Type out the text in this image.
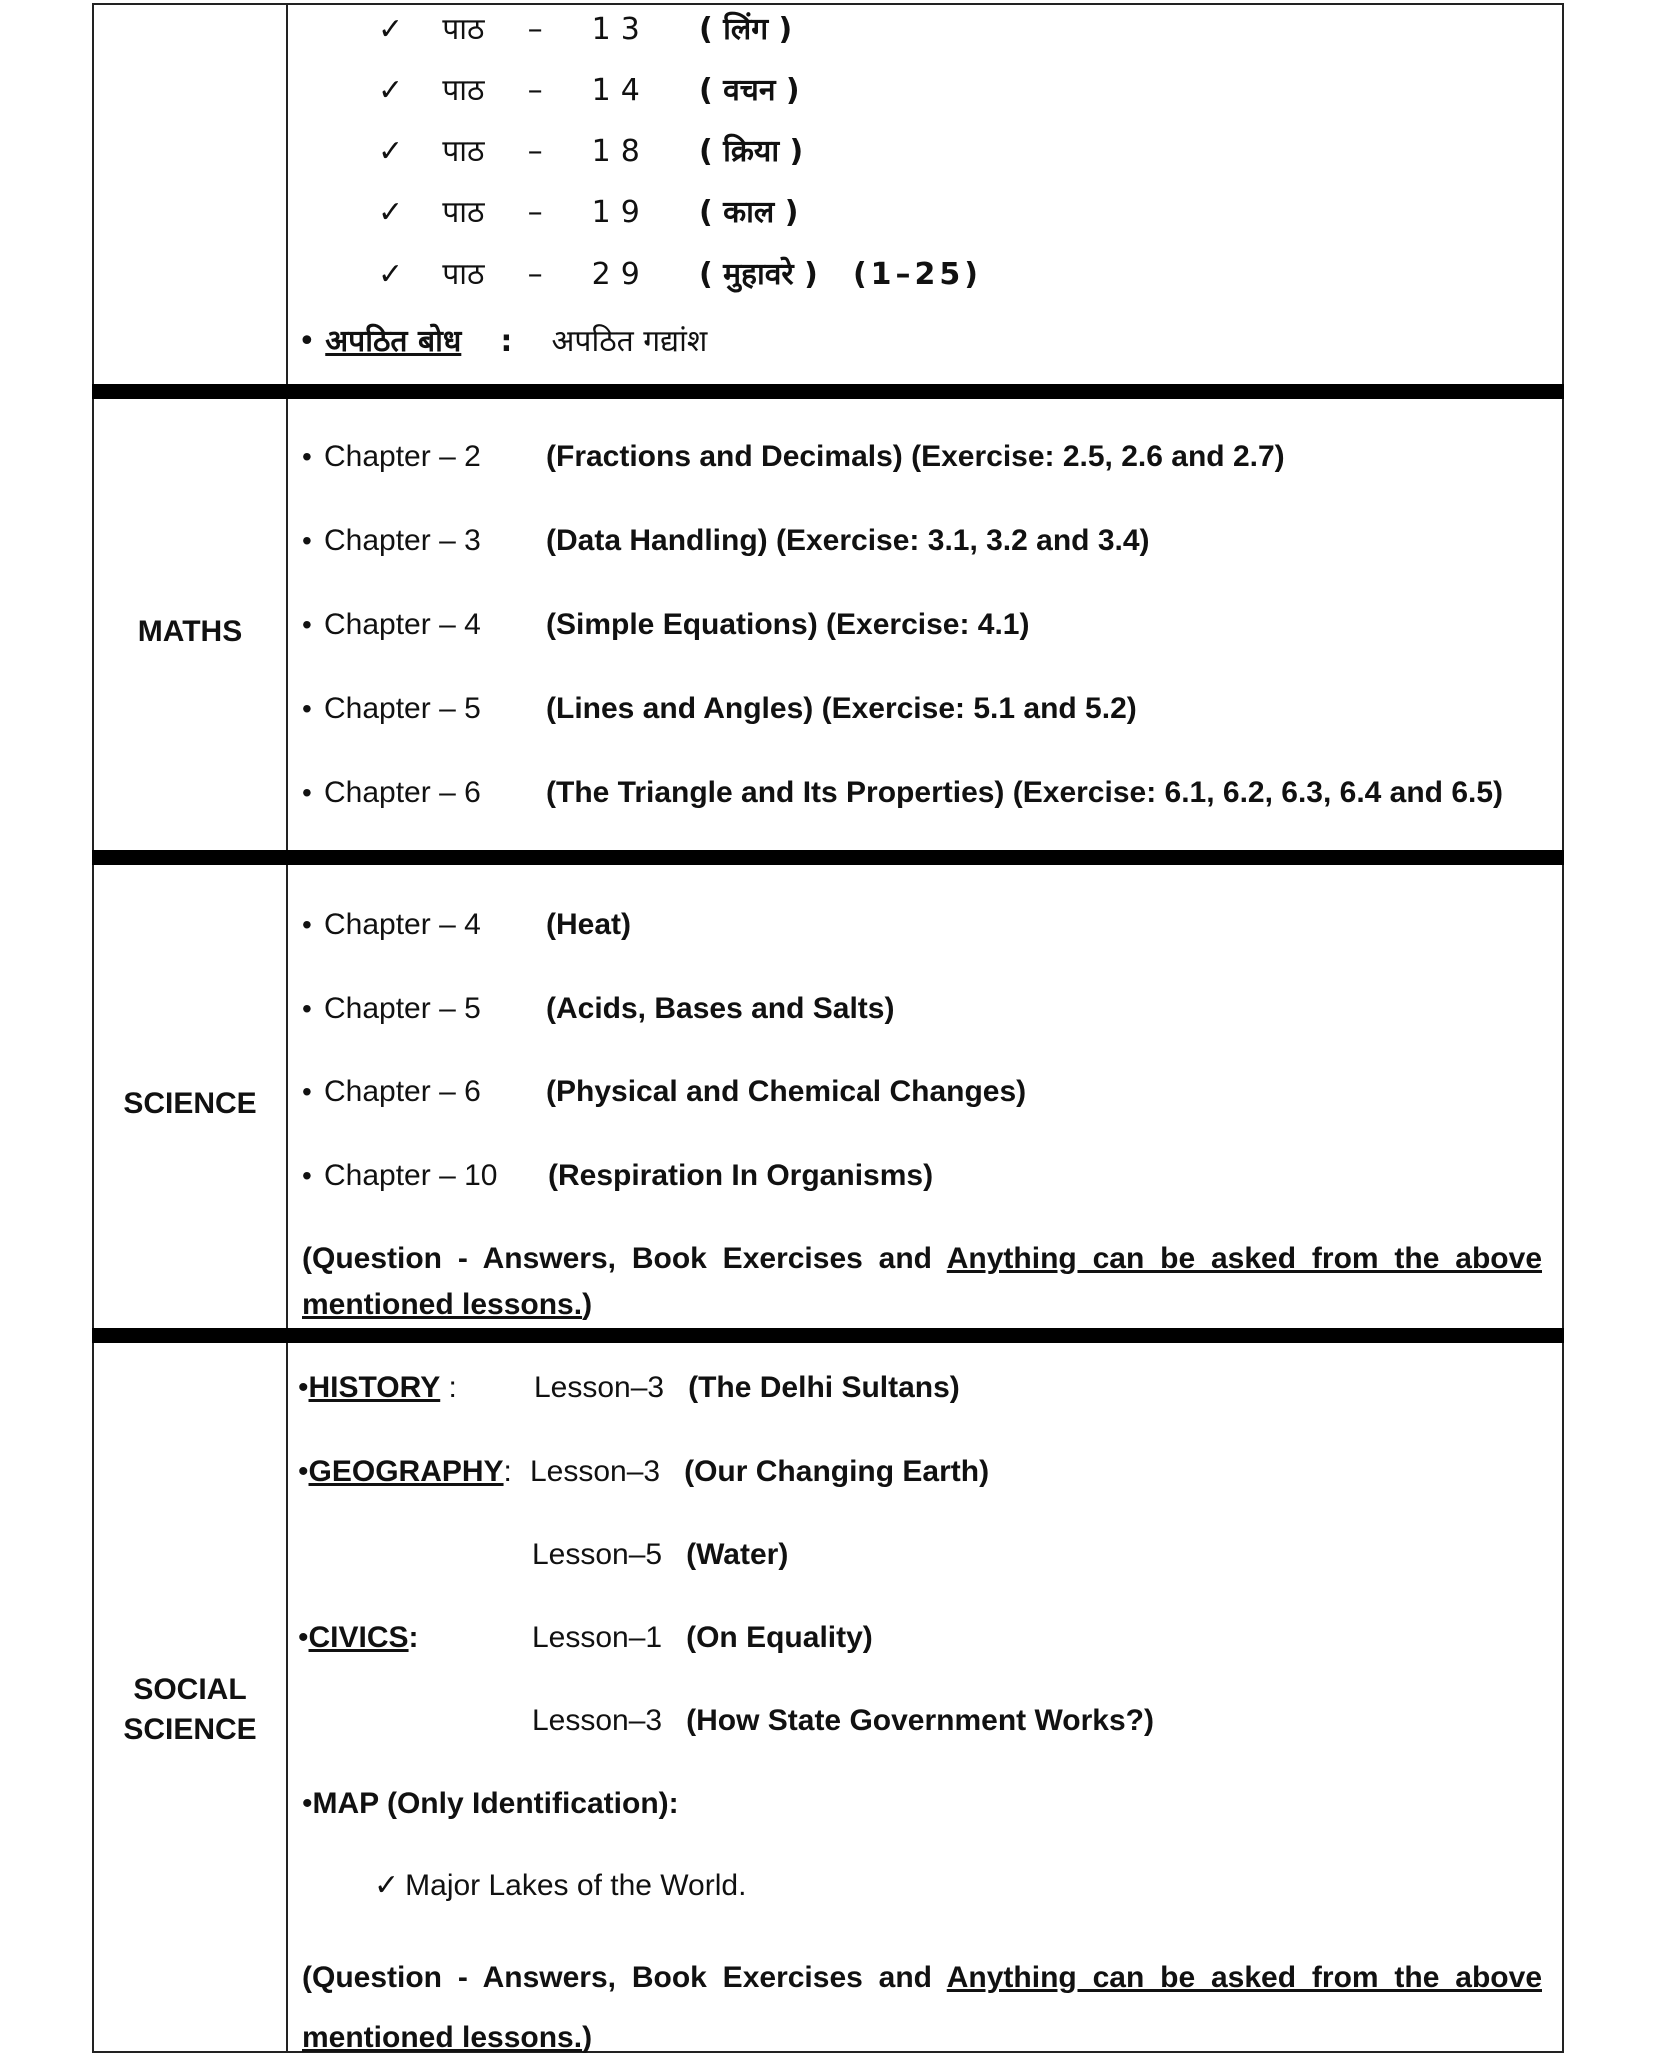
✓ पाठ – 13 ( लिंग )
✓ पाठ – 14 ( वचन )
✓ पाठ – 18 ( क्रिया )
✓ पाठ – 19 ( काल )
✓ पाठ – 29 ( मुहावरे ) (1–25)
• अपठित बोध : अपठित गद्यांश
MATHS
• Chapter – 2 (Fractions and Decimals) (Exercise: 2.5, 2.6 and 2.7)
• Chapter – 3 (Data Handling) (Exercise: 3.1, 3.2 and 3.4)
• Chapter – 4 (Simple Equations) (Exercise: 4.1)
• Chapter – 5 (Lines and Angles) (Exercise: 5.1 and 5.2)
• Chapter – 6 (The Triangle and Its Properties) (Exercise: 6.1, 6.2, 6.3, 6.4 and 6.5)
SCIENCE
• Chapter – 4 (Heat)
• Chapter – 5 (Acids, Bases and Salts)
• Chapter – 6 (Physical and Chemical Changes)
• Chapter – 10 (Respiration In Organisms)
(Question - Answers, Book Exercises and Anything can be asked from the above mentioned lessons.)
SOCIAL
SCIENCE
•HISTORY :	Lesson–3 (The Delhi Sultans)
•GEOGRAPHY: Lesson–3 (Our Changing Earth)
Lesson–5 (Water)
•CIVICS:	Lesson–1 (On Equality)
Lesson–3 (How State Government Works?)
•MAP (Only Identification):
✓ Major Lakes of the World.
(Question - Answers, Book Exercises and Anything can be asked from the above mentioned lessons.)
